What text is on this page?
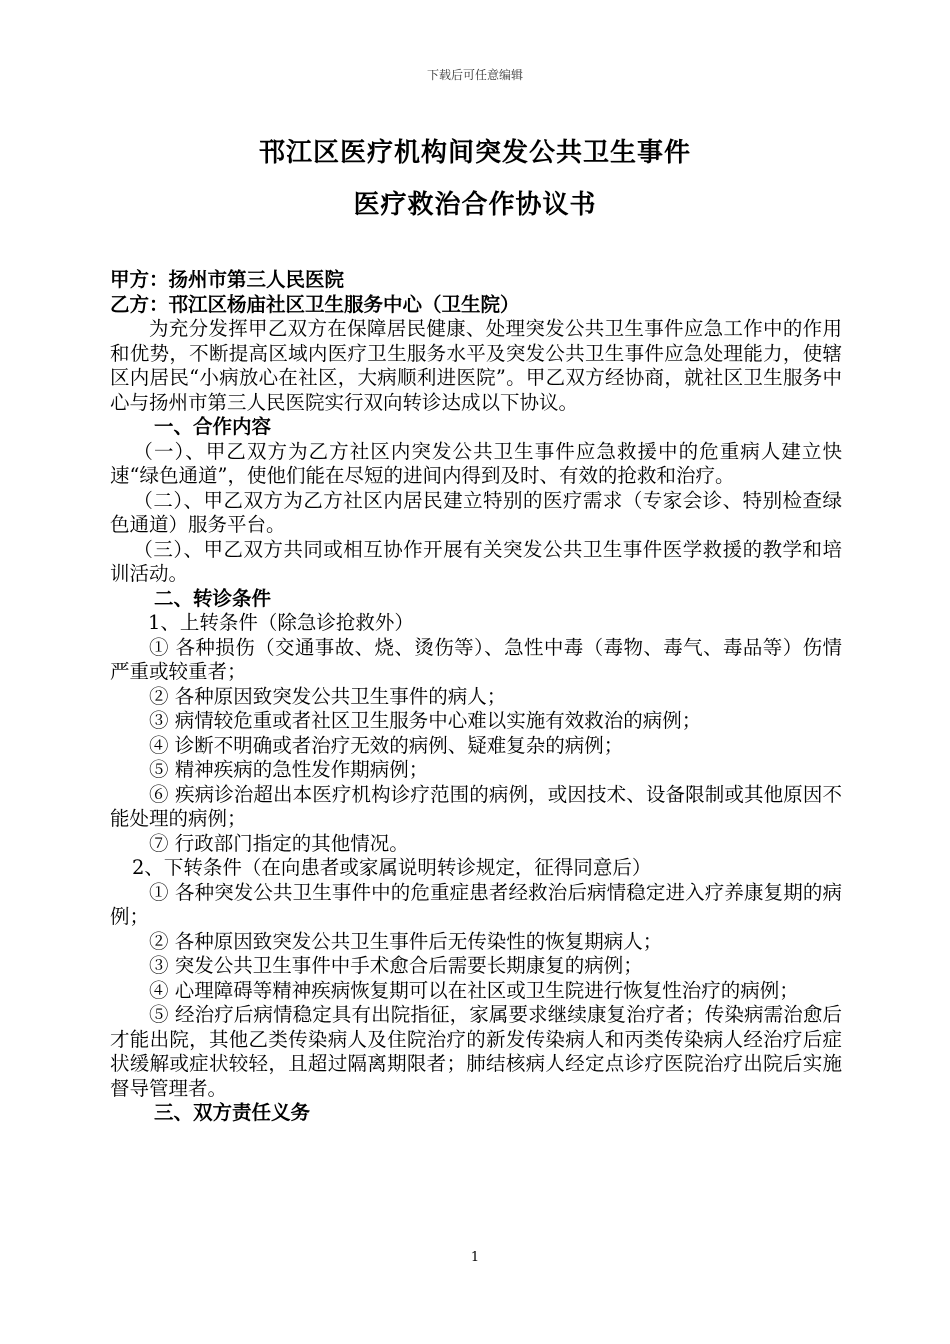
下载后可任意编辑
邗江区医疗机构间突发公共卫生事件
医疗救治合作协议书

甲方：扬州市第三人民医院

乙方：邗江区杨庙社区卫生服务中心（卫生院）

为充分发挥甲乙双方在保障居民健康、处理突发公共卫生事件应急工作中的作用和优势，不断提高区域内医疗卫生服务水平及突发公共卫生事件应急处理能力，使辖区内居民“小病放心在社区，大病顺利进医院”。甲乙双方经协商，就社区卫生服务中心与扬州市第三人民医院实行双向转诊达成以下协议。

一、合作内容

（一）、甲乙双方为乙方社区内突发公共卫生事件应急救援中的危重病人建立快速“绿色通道”，使他们能在尽短的进间内得到及时、有效的抢救和治疗。

（二）、甲乙双方为乙方社区内居民建立特别的医疗需求（专家会诊、特别检查绿色通道）服务平台。

（三）、甲乙双方共同或相互协作开展有关突发公共卫生事件医学救援的教学和培训活动。

二、转诊条件

1、上转条件（除急诊抢救外）

① 各种损伤（交通事故、烧、烫伤等）、急性中毒（毒物、毒气、毒品等）伤情严重或较重者；

② 各种原因致突发公共卫生事件的病人；

③ 病情较危重或者社区卫生服务中心难以实施有效救治的病例；

④ 诊断不明确或者治疗无效的病例、疑难复杂的病例；

⑤ 精神疾病的急性发作期病例；

⑥ 疾病诊治超出本医疗机构诊疗范围的病例，或因技术、设备限制或其他原因不能处理的病例；

⑦ 行政部门指定的其他情况。

2、下转条件（在向患者或家属说明转诊规定，征得同意后）

① 各种突发公共卫生事件中的危重症患者经救治后病情稳定进入疗养康复期的病例；

② 各种原因致突发公共卫生事件后无传染性的恢复期病人；

③ 突发公共卫生事件中手术愈合后需要长期康复的病例；

④ 心理障碍等精神疾病恢复期可以在社区或卫生院进行恢复性治疗的病例；

⑤ 经治疗后病情稳定具有出院指征，家属要求继续康复治疗者；传染病需治愈后才能出院，其他乙类传染病人及住院治疗的新发传染病人和丙类传染病人经治疗后症状缓解或症状较轻，且超过隔离期限者；肺结核病人经定点诊疗医院治疗出院后实施督导管理者。

三、双方责任义务

1
